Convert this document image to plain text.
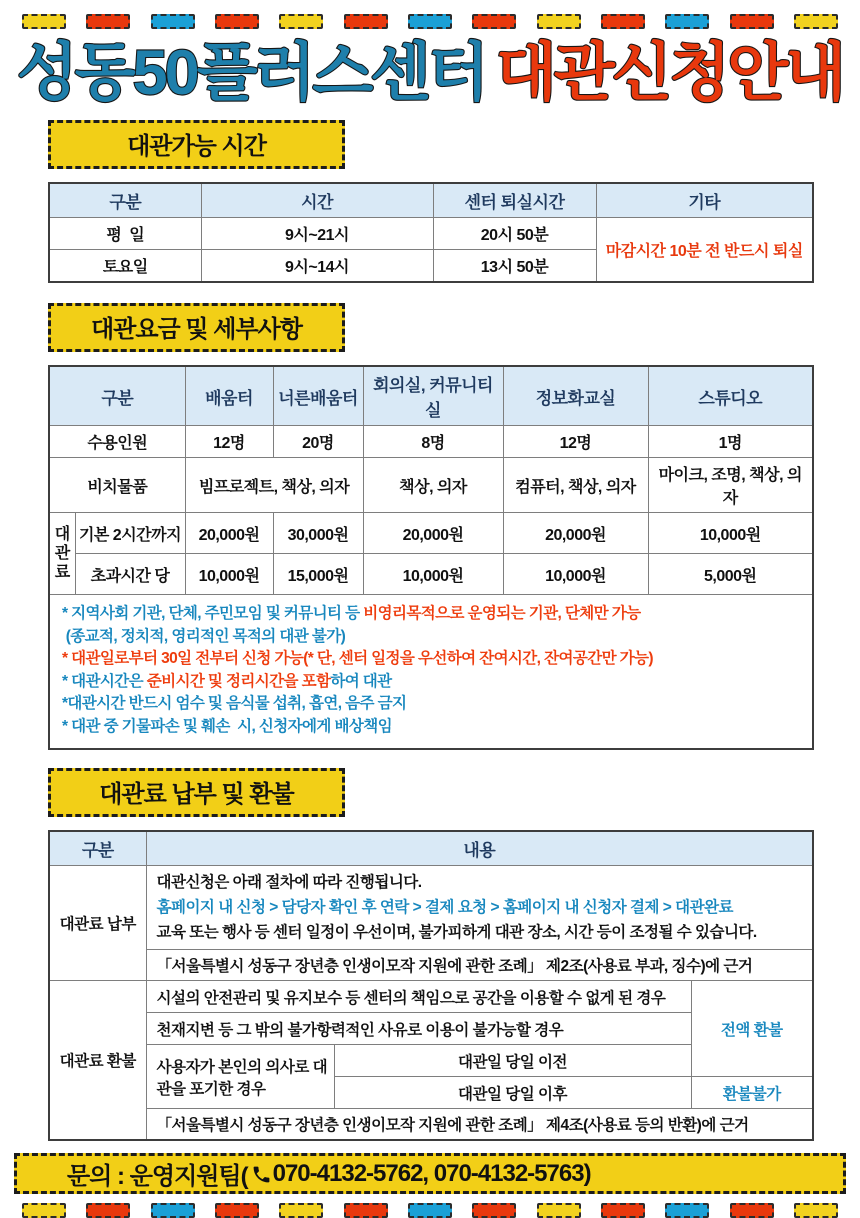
성동50플러스센터 대관신청안내
대관가능 시간
구분	시간	센터 퇴실시간	기타
평  일	9시~21시	20시 50분	마감시간 10분 전 반드시 퇴실
토요일	9시~14시	13시 50분	
대관요금 및 세부사항
구분		배움터	너른배움터	회의실, 커뮤니티실	정보화교실	스튜디오
수용인원		12명	20명	8명	12명	1명
비치물품		빔프로젝트, 책상, 의자		책상, 의자	컴퓨터, 책상, 의자	마이크, 조명, 책상, 의자
대관료	기본 2시간까지	20,000원	30,000원	20,000원	20,000원	10,000원
	초과시간 당	10,000원	15,000원	10,000원	10,000원	5,000원

* 지역사회 기관, 단체, 주민모임 및 커뮤니티 등 비영리목적으로 운영되는 기관, 단체만 가능
(종교적, 정치적, 영리적인 목적의 대관 불가)
* 대관일로부터 30일 전부터 신청 가능(* 단, 센터 일정을 우선하여 잔여시간, 잔여공간만 가능)
* 대관시간은 준비시간 및 정리시간을 포함하여 대관
*대관시간 반드시 엄수 및 음식물 섭취, 흡연, 음주 금지
* 대관 중 기물파손 및 훼손  시, 신청자에게 배상책임
대관료 납부 및 환불
구분	내용		
대관료 납부	대관신청은 아래 절차에 따라 진행됩니다.
홈페이지 내 신청 > 담당자 확인 후 연락 > 결제 요청 > 홈페이지 내 신청자 결제 > 대관완료
교육 또는 행사 등 센터 일정이 우선이며, 불가피하게 대관 장소, 시간 등이 조정될 수 있습니다.		

	「서울특별시 성동구 장년층 인생이모작 지원에 관한 조례」 제2조(사용료 부과, 징수)에 근거		
대관료 환불	시설의 안전관리 및 유지보수 등 센터의 책임으로 공간을 이용할 수 없게 된 경우		전액 환불
	천재지변 등 그 밖의 불가항력적인 사유로 이용이 불가능할 경우		
	사용자가 본인의 의사로 대관을 포기한 경우	대관일 당일 이전	
		대관일 당일 이후	환불불가
	「서울특별시 성동구 장년층 인생이모작 지원에 관한 조례」 제4조(사용료 등의 반환)에 근거		
문의 : 운영지원팀( 070-4132-5762, 070-4132-5763 )
